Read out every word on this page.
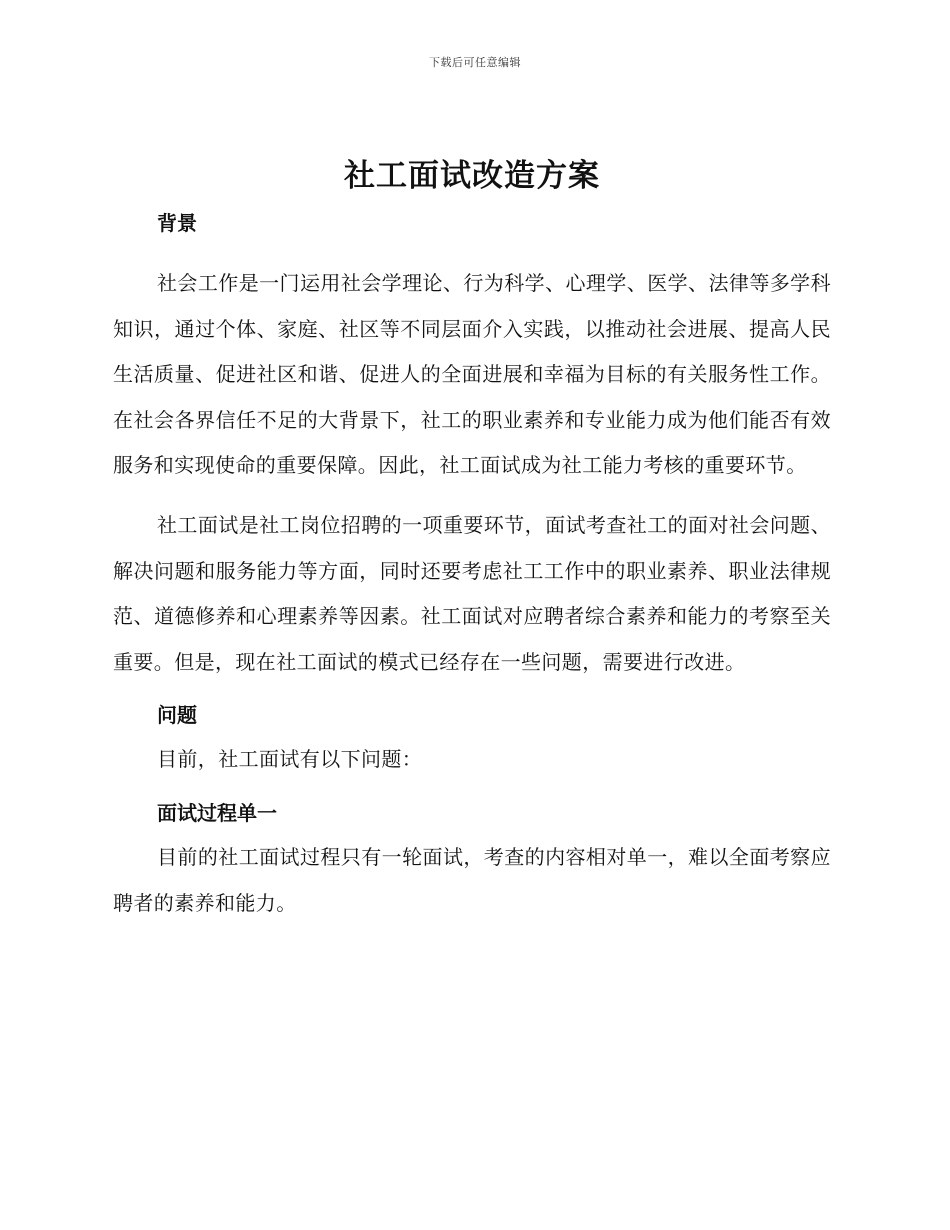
下载后可任意编辑
社工面试改造方案
背景

社会工作是一门运用社会学理论、行为科学、心理学、医学、法律等多学科知识，通过个体、家庭、社区等不同层面介入实践，以推动社会进展、提高人民生活质量、促进社区和谐、促进人的全面进展和幸福为目标的有关服务性工作。在社会各界信任不足的大背景下，社工的职业素养和专业能力成为他们能否有效服务和实现使命的重要保障。因此，社工面试成为社工能力考核的重要环节。

社工面试是社工岗位招聘的一项重要环节，面试考查社工的面对社会问题、解决问题和服务能力等方面，同时还要考虑社工工作中的职业素养、职业法律规范、道德修养和心理素养等因素。社工面试对应聘者综合素养和能力的考察至关重要。但是，现在社工面试的模式已经存在一些问题，需要进行改进。

问题

目前，社工面试有以下问题：

面试过程单一

目前的社工面试过程只有一轮面试，考查的内容相对单一，难以全面考察应聘者的素养和能力。
